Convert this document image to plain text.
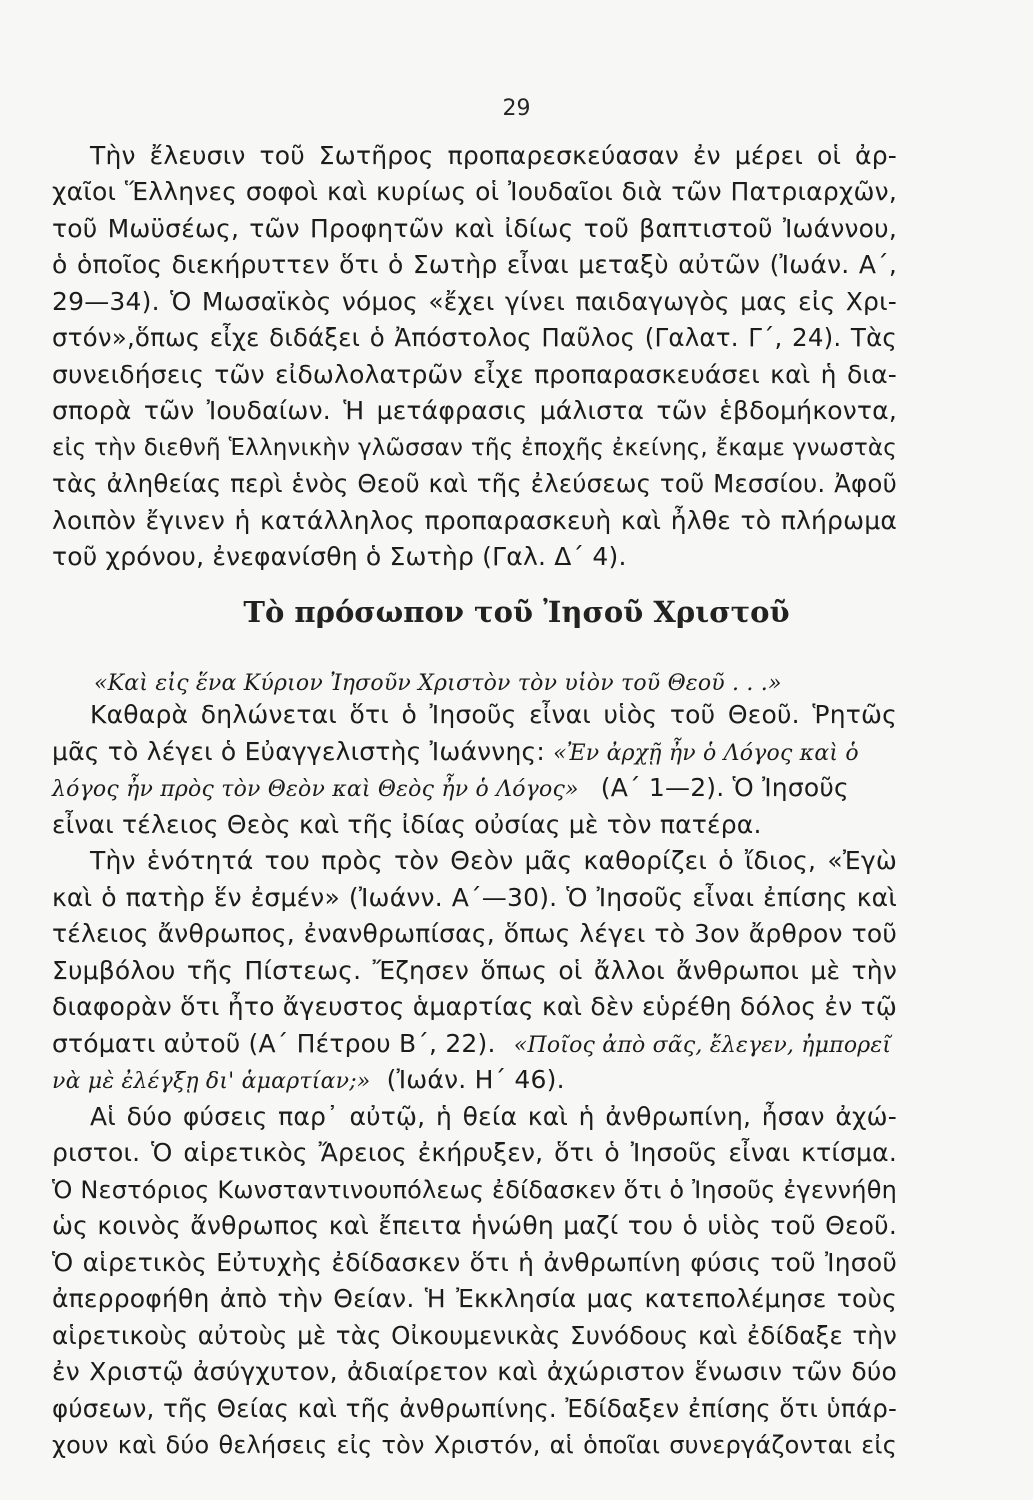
29
Τὴν ἔλευσιν τοῦ Σωτῆρος προπαρεσκεύασαν ἐν μέρει οἱ ἀρ-
χαῖοι Ἕλληνες σοφοὶ καὶ κυρίως οἱ Ἰουδαῖοι διὰ τῶν Πατριαρχῶν,
τοῦ Μωϋσέως, τῶν Προφητῶν καὶ ἰδίως τοῦ βαπτιστοῦ Ἰωάννου,
ὁ ὁποῖος διεκήρυττεν ὅτι ὁ Σωτὴρ εἶναι μεταξὺ αὐτῶν (Ἰωάν. Α΄,
29—34). Ὁ Μωσαϊκὸς νόμος «ἔχει γίνει παιδαγωγὸς μας εἰς Χρι-
στόν»,ὅπως εἶχε διδάξει ὁ Ἀπόστολος Παῦλος (Γαλατ. Γ΄, 24). Τὰς
συνειδήσεις τῶν εἰδωλολατρῶν εἶχε προπαρασκευάσει καὶ ἡ δια-
σπορὰ τῶν Ἰουδαίων. Ἡ μετάφρασις μάλιστα τῶν ἑβδομήκοντα,
εἰς τὴν διεθνῆ Ἑλληνικὴν γλῶσσαν τῆς ἐποχῆς ἐκείνης, ἔκαμε γνωστὰς
τὰς ἀληθείας περὶ ἑνὸς Θεοῦ καὶ τῆς ἐλεύσεως τοῦ Μεσσίου. Ἀφοῦ
λοιπὸν ἔγινεν ἡ κατάλληλος προπαρασκευὴ καὶ ἦλθε τὸ πλήρωμα
τοῦ χρόνου, ἐνεφανίσθη ὁ Σωτὴρ (Γαλ. Δ΄ 4).
Τὸ πρόσωπον τοῦ Ἰησοῦ Χριστοῦ
«Καὶ εἰς ἕνα Κύριον Ἰησοῦν Χριστὸν τὸν υἱὸν τοῦ Θεοῦ . . .»
Καθαρὰ δηλώνεται ὅτι ὁ Ἰησοῦς εἶναι υἱὸς τοῦ Θεοῦ. Ῥητῶς
μᾶς τὸ λέγει ὁ Εὐαγγελιστὴς Ἰωάννης: «Ἐν ἀρχῇ ἦν ὁ Λόγος καὶ ὁ
λόγος ἦν πρὸς τὸν Θεὸν καὶ Θεὸς ἦν ὁ Λόγος» (Α΄ 1—2). Ὁ Ἰησοῦς
εἶναι τέλειος Θεὸς καὶ τῆς ἰδίας οὐσίας μὲ τὸν πατέρα.
Τὴν ἑνότητά του πρὸς τὸν Θεὸν μᾶς καθορίζει ὁ ἴδιος, «Ἐγὼ
καὶ ὁ πατὴρ ἕν ἐσμέν» (Ἰωάνν. Α΄—30). Ὁ Ἰησοῦς εἶναι ἐπίσης καὶ
τέλειος ἄνθρωπος, ἐνανθρωπίσας, ὅπως λέγει τὸ 3ον ἄρθρον τοῦ
Συμβόλου τῆς Πίστεως. Ἔζησεν ὅπως οἱ ἄλλοι ἄνθρωποι μὲ τὴν
διαφορὰν ὅτι ἦτο ἄγευστος ἁμαρτίας καὶ δὲν εὑρέθη δόλος ἐν τῷ
στόματι αὐτοῦ (Α΄ Πέτρου Β΄, 22). «Ποῖος ἀπὸ σᾶς, ἔλεγεν, ἠμπορεῖ
νὰ μὲ ἐλέγξῃ δι' ἁμαρτίαν;» (Ἰωάν. Η΄ 46).
Αἱ δύο φύσεις παρ᾽ αὐτῷ, ἡ θεία καὶ ἡ ἀνθρωπίνη, ἦσαν ἀχώ-
ριστοι. Ὁ αἱρετικὸς Ἄρειος ἐκήρυξεν, ὅτι ὁ Ἰησοῦς εἶναι κτίσμα.
Ὁ Νεστόριος Κωνσταντινουπόλεως ἐδίδασκεν ὅτι ὁ Ἰησοῦς ἐγεννήθη
ὡς κοινὸς ἄνθρωπος καὶ ἔπειτα ἡνώθη μαζί του ὁ υἱὸς τοῦ Θεοῦ.
Ὁ αἱρετικὸς Εὐτυχὴς ἐδίδασκεν ὅτι ἡ ἀνθρωπίνη φύσις τοῦ Ἰησοῦ
ἀπερροφήθη ἀπὸ τὴν Θείαν. Ἡ Ἐκκλησία μας κατεπολέμησε τοὺς
αἱρετικοὺς αὐτοὺς μὲ τὰς Οἰκουμενικὰς Συνόδους καὶ ἐδίδαξε τὴν
ἐν Χριστῷ ἀσύγχυτον, ἀδιαίρετον καὶ ἀχώριστον ἕνωσιν τῶν δύο
φύσεων, τῆς Θείας καὶ τῆς ἀνθρωπίνης. Ἐδίδαξεν ἐπίσης ὅτι ὑπάρ-
χουν καὶ δύο θελήσεις εἰς τὸν Χριστόν, αἱ ὁποῖαι συνεργάζονται εἰς
